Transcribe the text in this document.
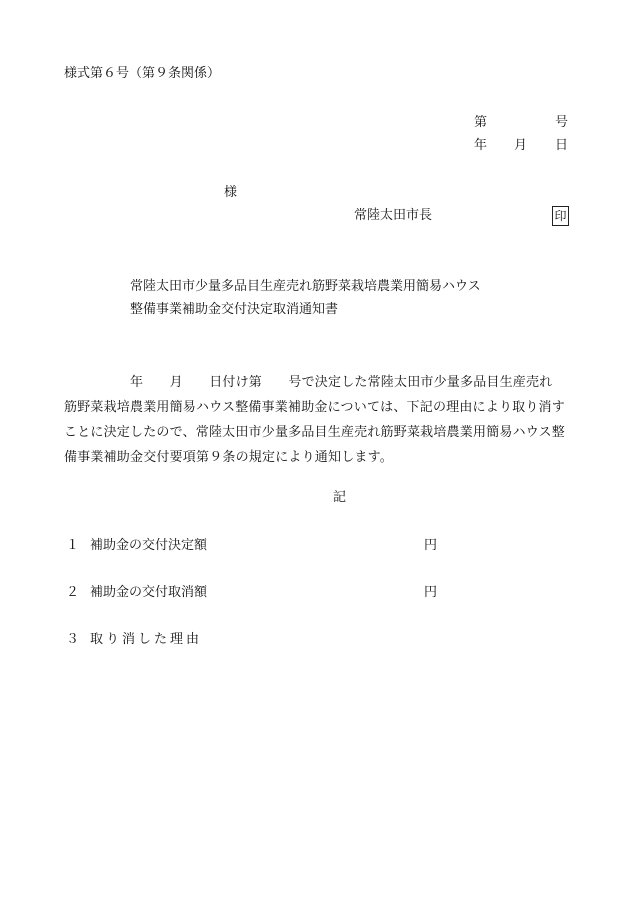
様式第６号（第９条関係）
第	号
年 月 日
様
常陸太田市長	印
常陸太田市少量多品目生産売れ筋野菜栽培農業用簡易ハウス
整備事業補助金交付決定取消通知書
　　　　　年　　月　　日付け第　　号で決定した常陸太田市少量多品目生産売れ
筋野菜栽培農業用簡易ハウス整備事業補助金については、下記の理由により取り消す
ことに決定したので、常陸太田市少量多品目生産売れ筋野菜栽培農業用簡易ハウス整
備事業補助金交付要項第９条の規定により通知します。
記
１ 補助金の交付決定額	円
２ 補助金の交付取消額	円
３ 取り消した理由
